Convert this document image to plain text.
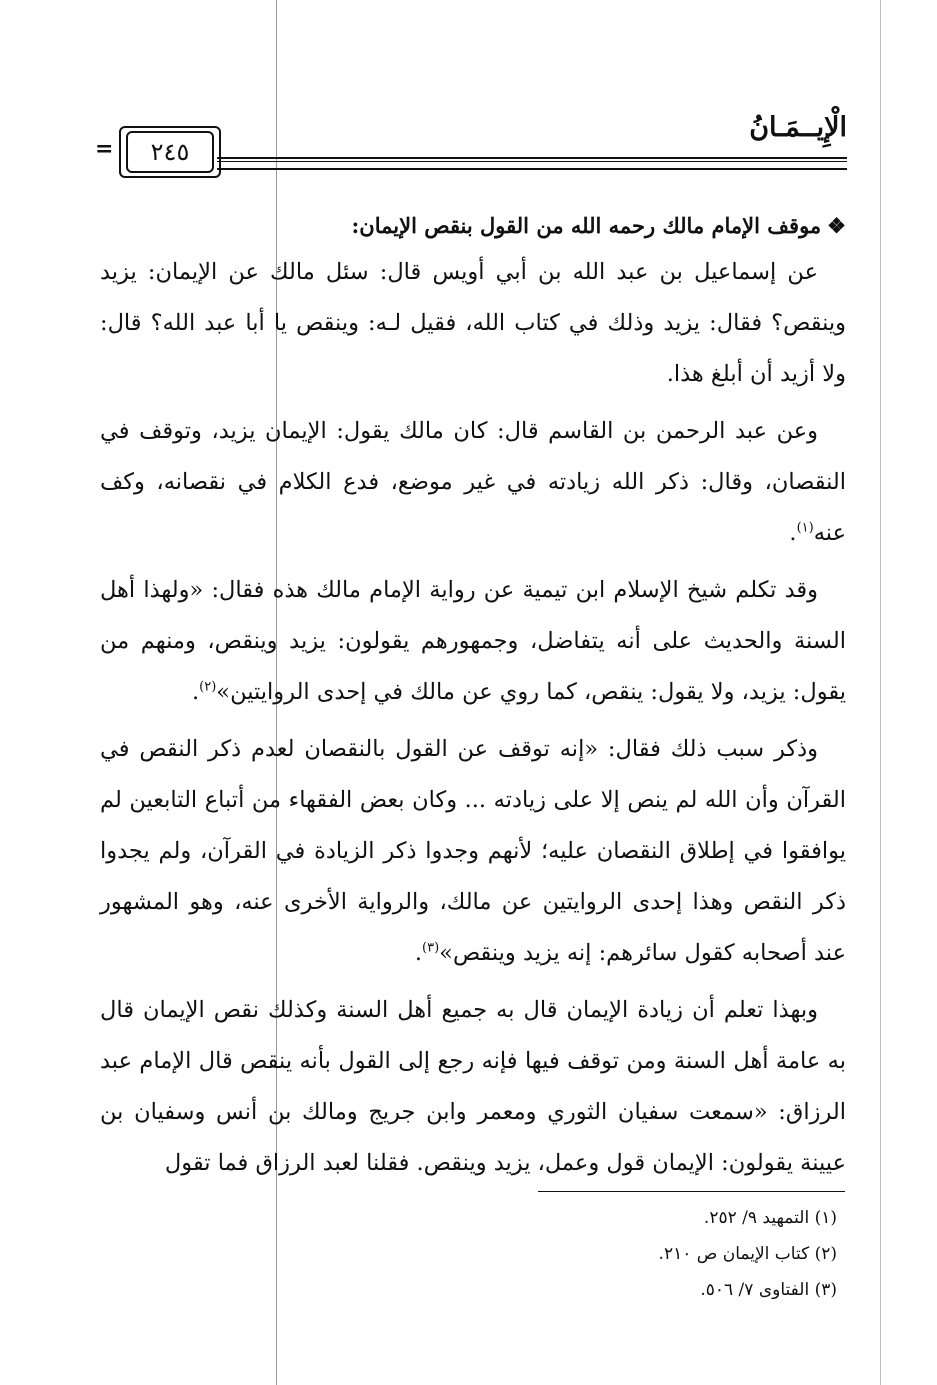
الْإِيــمَـانُ
٢٤٥
=

❖موقف الإمام مالك رحمه الله من القول بنقص الإيمان:

عن إسماعيل بن عبد الله بن أبي أويس قال: سئل مالك عن الإيمان: يزيد وينقص؟ فقال: يزيد وذلك في كتاب الله، فقيل لـه: وينقص يا أبا عبد الله؟ قال: ولا أزيد أن أبلغ هذا.

وعن عبد الرحمن بن القاسم قال: كان مالك يقول: الإيمان يزيد، وتوقف في النقصان، وقال: ذكر الله زيادته في غير موضع، فدع الكلام في نقصانه، وكف عنه$^{(١)}$.

وقد تكلم شيخ الإسلام ابن تيمية عن رواية الإمام مالك هذه فقال: «ولهذا أهل السنة والحديث على أنه يتفاضل، وجمهورهم يقولون: يزيد وينقص، ومنهم من يقول: يزيد، ولا يقول: ينقص، كما روي عن مالك في إحدى الروايتين»$^{(٢)}$.

وذكر سبب ذلك فقال: «إنه توقف عن القول بالنقصان لعدم ذكر النقص في القرآن وأن الله لم ينص إلا على زيادته ... وكان بعض الفقهاء من أتباع التابعين لم يوافقوا في إطلاق النقصان عليه؛ لأنهم وجدوا ذكر الزيادة في القرآن، ولم يجدوا ذكر النقص وهذا إحدى الروايتين عن مالك، والرواية الأخرى عنه، وهو المشهور عند أصحابه كقول سائرهم: إنه يزيد وينقص»$^{(٣)}$.

وبهذا تعلم أن زيادة الإيمان قال به جميع أهل السنة وكذلك نقص الإيمان قال به عامة أهل السنة ومن توقف فيها فإنه رجع إلى القول بأنه ينقص قال الإمام عبد الرزاق: «سمعت سفيان الثوري ومعمر وابن جريج ومالك بن أنس وسفيان بن عيينة يقولون: الإيمان قول وعمل، يزيد وينقص. فقلنا لعبد الرزاق فما تقول

(١) التمهيد ٩/ ٢٥٢.

(٢) كتاب الإيمان ص ٢١٠.

(٣) الفتاوى ٧/ ٥٠٦.
